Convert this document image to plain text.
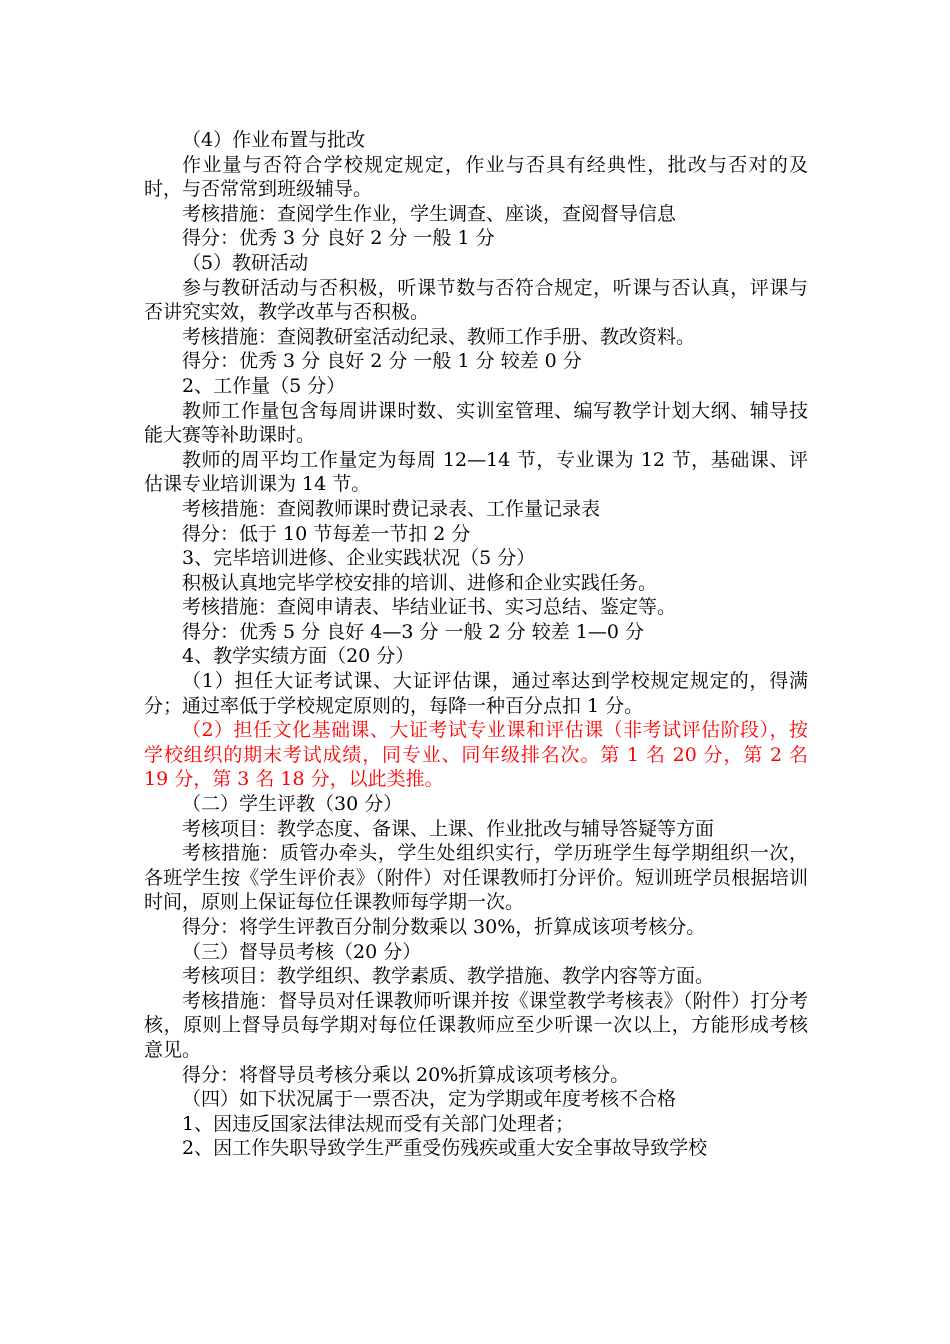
（4）作业布置与批改

作业量与否符合学校规定规定，作业与否具有经典性，批改与否对的及时，与否常常到班级辅导。

考核措施：查阅学生作业，学生调查、座谈，查阅督导信息

得分：优秀 3 分 良好 2 分 一般 1 分

（5）教研活动

参与教研活动与否积极，听课节数与否符合规定，听课与否认真，评课与否讲究实效，教学改革与否积极。

考核措施：查阅教研室活动纪录、教师工作手册、教改资料。

得分：优秀 3 分 良好 2 分 一般 1 分 较差 0 分

2、工作量（5 分）

教师工作量包含每周讲课时数、实训室管理、编写教学计划大纲、辅导技能大赛等补助课时。

教师的周平均工作量定为每周 12—14 节，专业课为 12 节，基础课、评估课专业培训课为 14 节。

考核措施：查阅教师课时费记录表、工作量记录表

得分：低于 10 节每差一节扣 2 分

3、完毕培训进修、企业实践状况（5 分）

积极认真地完毕学校安排的培训、进修和企业实践任务。

考核措施：查阅申请表、毕结业证书、实习总结、鉴定等。

得分：优秀 5 分 良好 4—3 分 一般 2 分 较差 1—0 分

4、教学实绩方面（20 分）

（1）担任大证考试课、大证评估课，通过率达到学校规定规定的，得满分；通过率低于学校规定原则的，每降一种百分点扣 1 分。

（2）担任文化基础课、大证考试专业课和评估课（非考试评估阶段），按学校组织的期末考试成绩，同专业、同年级排名次。第 1 名 20 分，第 2 名 19 分，第 3 名 18 分，以此类推。

（二）学生评教（30 分）

考核项目：教学态度、备课、上课、作业批改与辅导答疑等方面

考核措施：质管办牵头，学生处组织实行，学历班学生每学期组织一次，各班学生按《学生评价表》（附件）对任课教师打分评价。短训班学员根据培训时间，原则上保证每位任课教师每学期一次。

得分：将学生评教百分制分数乘以 30%，折算成该项考核分。

（三）督导员考核（20 分）

考核项目：教学组织、教学素质、教学措施、教学内容等方面。

考核措施：督导员对任课教师听课并按《课堂教学考核表》（附件）打分考核，原则上督导员每学期对每位任课教师应至少听课一次以上，方能形成考核意见。

得分：将督导员考核分乘以 20%折算成该项考核分。

（四）如下状况属于一票否决，定为学期或年度考核不合格

1、因违反国家法律法规而受有关部门处理者；

2、因工作失职导致学生严重受伤残疾或重大安全事故导致学校
